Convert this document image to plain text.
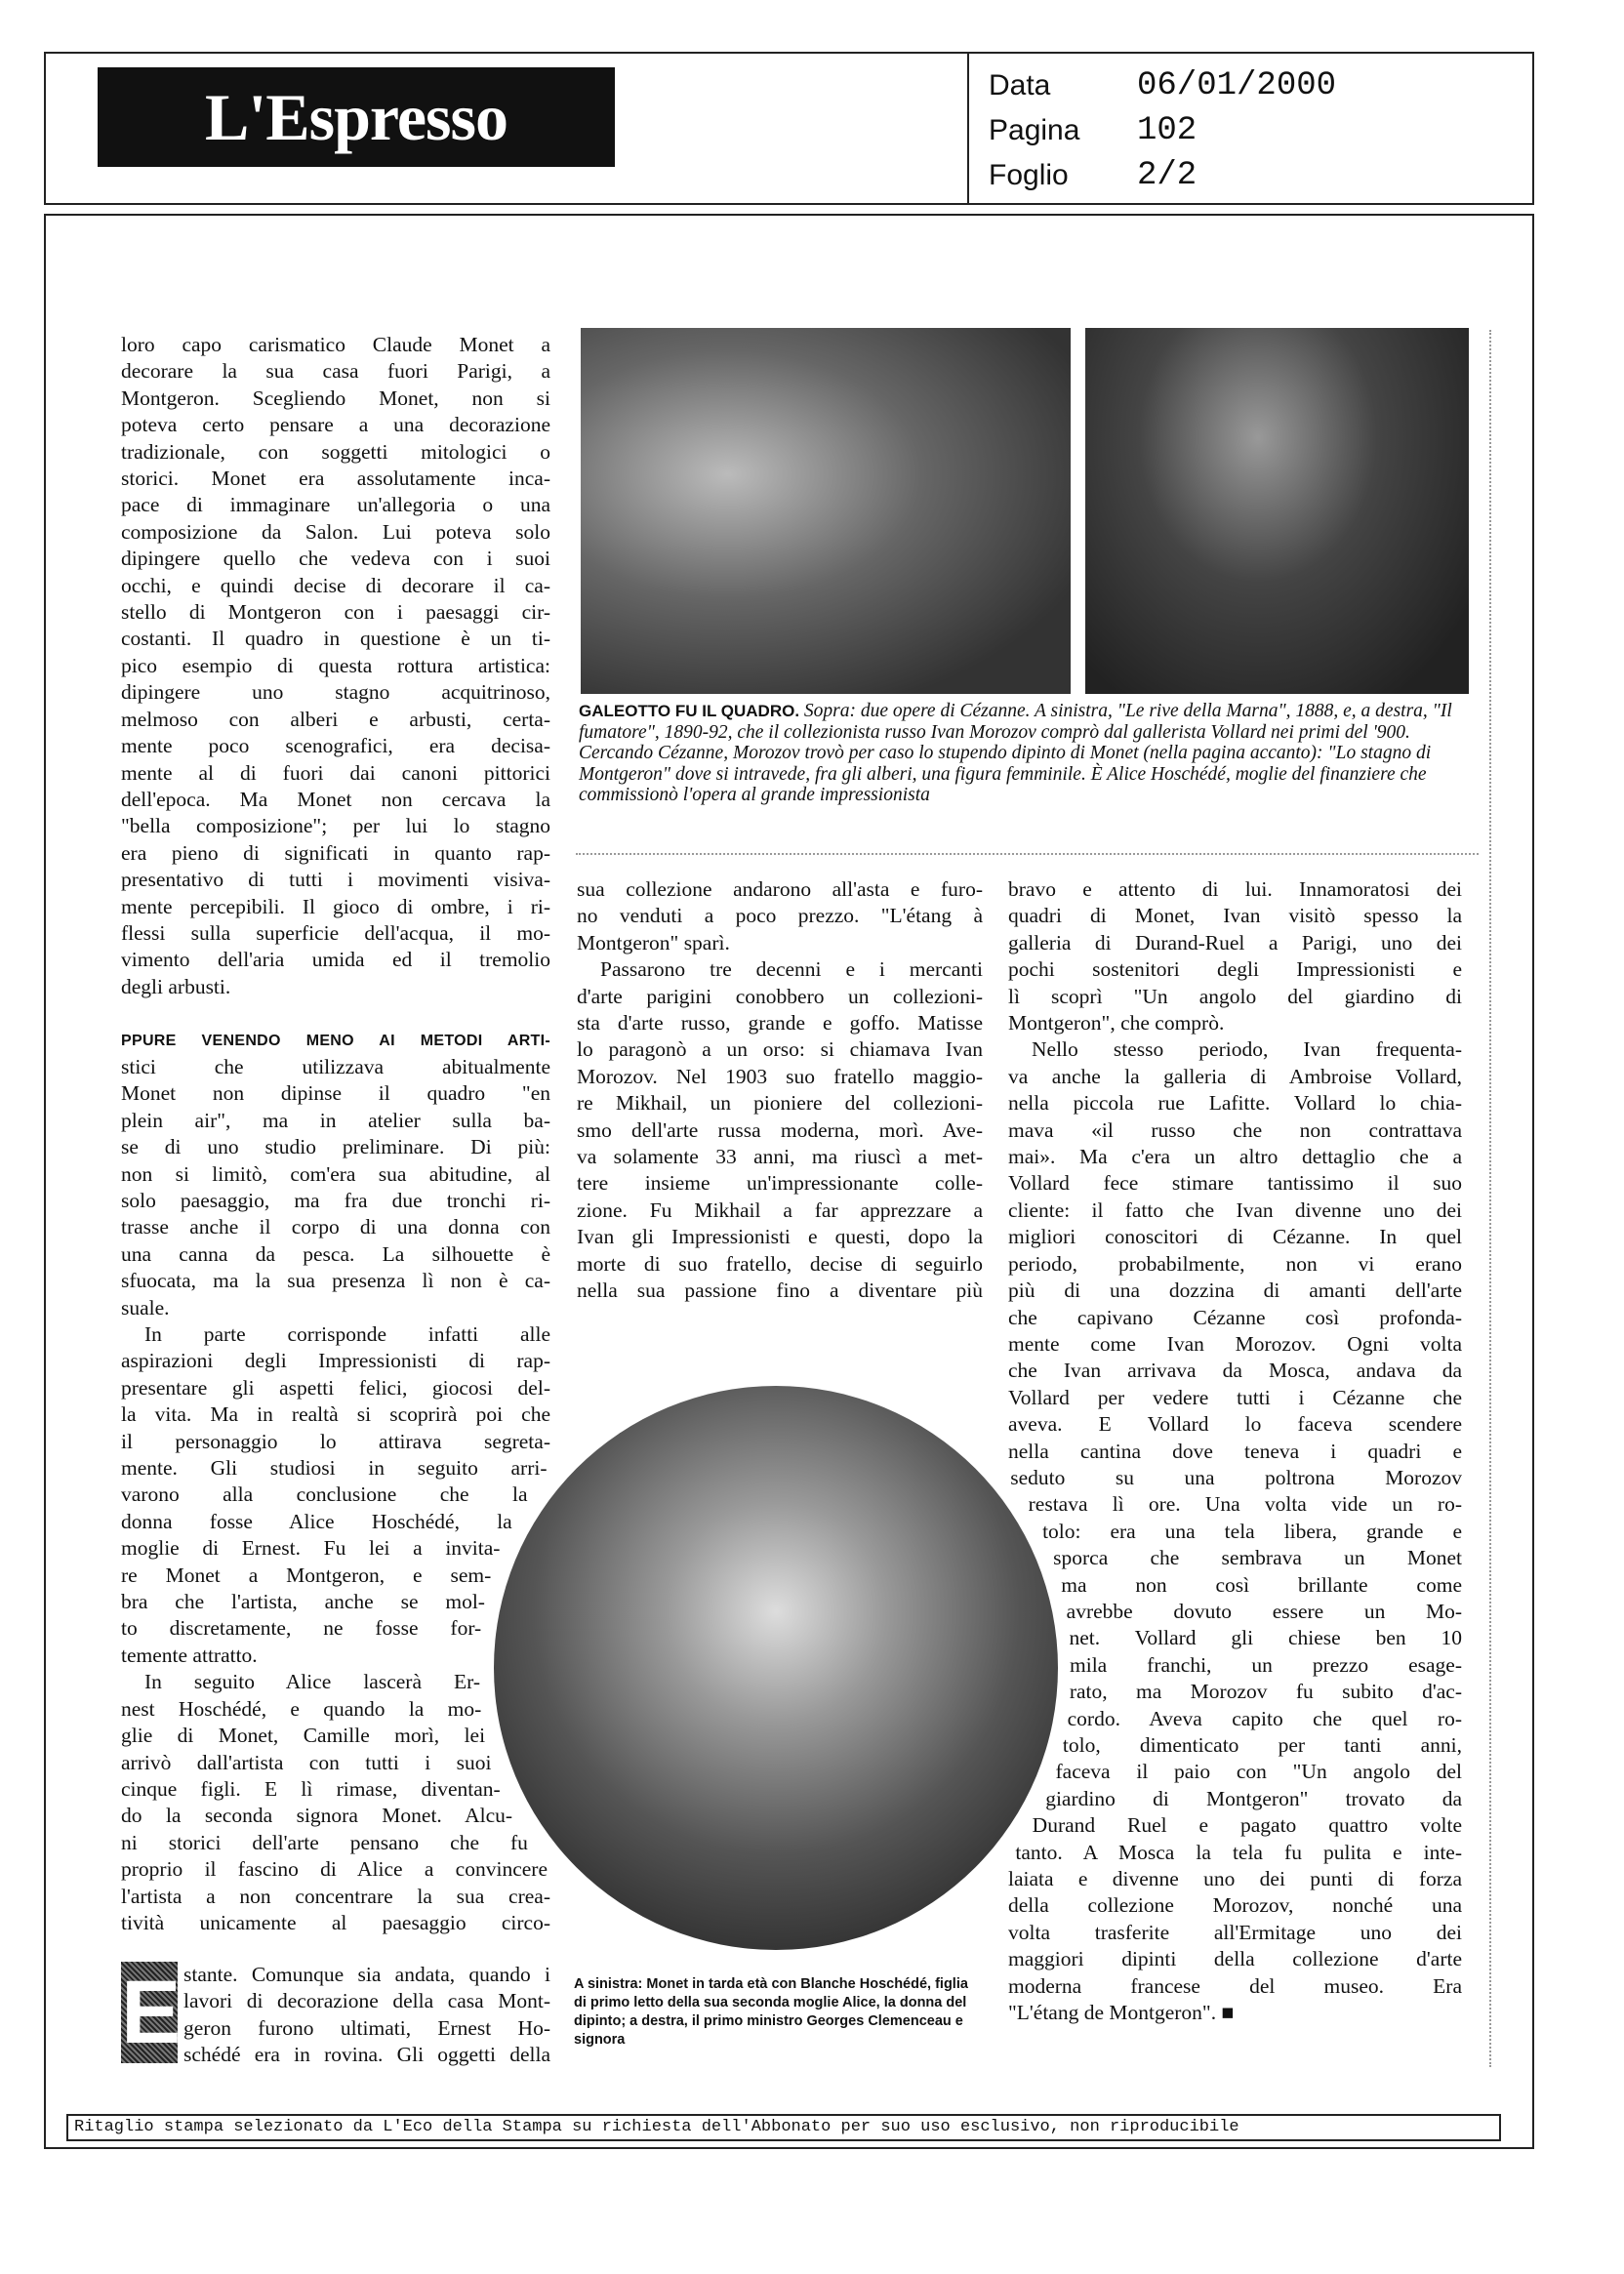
L'Espresso	Data	06/01/2000
Pagina	102
Foglio	2/2
GALEOTTO FU IL QUADRO. Sopra: due opere di Cézanne. A sinistra, "Le rive della Marna", 1888, e, a destra, "Il fumatore", 1890-92, che il collezionista russo Ivan Morozov comprò dal gallerista Vollard nei primi del '900. Cercando Cézanne, Morozov trovò per caso lo stupendo dipinto di Monet (nella pagina accanto): "Lo stagno di Montgeron" dove si intravede, fra gli alberi, una figura femminile. È Alice Hoschédé, moglie del finanziere che commissionò l'opera al grande impressionista
A sinistra: Monet in tarda età con Blanche Hoschédé, figlia di primo letto della sua seconda moglie Alice, la donna del dipinto; a destra, il primo ministro Georges Clemenceau e signora
loro capo carismatico Claude Monet a
decorare la sua casa fuori Parigi, a
Montgeron. Scegliendo Monet, non si
poteva certo pensare a una decorazione
tradizionale, con soggetti mitologici o
storici. Monet era assolutamente inca-
pace di immaginare un'allegoria o una
composizione da Salon. Lui poteva solo
dipingere quello che vedeva con i suoi
occhi, e quindi decise di decorare il ca-
stello di Montgeron con i paesaggi cir-
costanti. Il quadro in questione è un ti-
pico esempio di questa rottura artistica:
dipingere uno stagno acquitrinoso,
melmoso con alberi e arbusti, certa-
mente poco scenografici, era decisa-
mente al di fuori dai canoni pittorici
dell'epoca. Ma Monet non cercava la
"bella composizione"; per lui lo stagno
era pieno di significati in quanto rap-
presentativo di tutti i movimenti visiva-
mente percepibili. Il gioco di ombre, i ri-
flessi sulla superficie dell'acqua, il mo-
vimento dell'aria umida ed il tremolio
degli arbusti.
E
PPURE VENENDO MENO AI METODI ARTI-
stici che utilizzava abitualmente
Monet non dipinse il quadro "en
plein air", ma in atelier sulla ba-
se di uno studio preliminare. Di più:
non si limitò, com'era sua abitudine, al
solo paesaggio, ma fra due tronchi ri-
trasse anche il corpo di una donna con
una canna da pesca. La silhouette è
sfuocata, ma la sua presenza lì non è ca-
suale.
In parte corrisponde infatti alle
aspirazioni degli Impressionisti di rap-
presentare gli aspetti felici, giocosi del-
la vita. Ma in realtà si scoprirà poi che
il personaggio lo attirava segreta-
mente. Gli studiosi in seguito arri-
varono alla conclusione che la
donna fosse Alice Hoschédé, la
moglie di Ernest. Fu lei a invita-
re Monet a Montgeron, e sem-
bra che l'artista, anche se mol-
to discretamente, ne fosse for-
temente attratto.
In seguito Alice lascerà Er-
nest Hoschédé, e quando la mo-
glie di Monet, Camille morì, lei
arrivò dall'artista con tutti i suoi
cinque figli. E lì rimase, diventan-
do la seconda signora Monet. Alcu-
ni storici dell'arte pensano che fu
proprio il fascino di Alice a convincere
l'artista a non concentrare la sua crea-
tività unicamente al paesaggio circo-
stante. Comunque sia andata, quando i
lavori di decorazione della casa Mont-
geron furono ultimati, Ernest Ho-
schédé era in rovina. Gli oggetti della
sua collezione andarono all'asta e furo-
no venduti a poco prezzo. "L'étang à
Montgeron" sparì.
Passarono tre decenni e i mercanti
d'arte parigini conobbero un collezioni-
sta d'arte russo, grande e goffo. Matisse
lo paragonò a un orso: si chiamava Ivan
Morozov. Nel 1903 suo fratello maggio-
re Mikhail, un pioniere del collezioni-
smo dell'arte russa moderna, morì. Ave-
va solamente 33 anni, ma riuscì a met-
tere insieme un'impressionante colle-
zione. Fu Mikhail a far apprezzare a
Ivan gli Impressionisti e questi, dopo la
morte di suo fratello, decise di seguirlo
nella sua passione fino a diventare più
bravo e attento di lui. Innamoratosi dei
quadri di Monet, Ivan visitò spesso la
galleria di Durand-Ruel a Parigi, uno dei
pochi sostenitori degli Impressionisti e
lì scoprì "Un angolo del giardino di
Montgeron", che comprò.
Nello stesso periodo, Ivan frequenta-
va anche la galleria di Ambroise Vollard,
nella piccola rue Lafitte. Vollard lo chia-
mava «il russo che non contrattava
mai». Ma c'era un altro dettaglio che a
Vollard fece stimare tantissimo il suo
cliente: il fatto che Ivan divenne uno dei
migliori conoscitori di Cézanne. In quel
periodo, probabilmente, non vi erano
più di una dozzina di amanti dell'arte
che capivano Cézanne così profonda-
mente come Ivan Morozov. Ogni volta
che Ivan arrivava da Mosca, andava da
Vollard per vedere tutti i Cézanne che
aveva. E Vollard lo faceva scendere
nella cantina dove teneva i quadri e
seduto su una poltrona Morozov
restava lì ore. Una volta vide un ro-
tolo: era una tela libera, grande e
sporca che sembrava un Monet
ma non così brillante come
avrebbe dovuto essere un Mo-
net. Vollard gli chiese ben 10
mila franchi, un prezzo esage-
rato, ma Morozov fu subito d'ac-
cordo. Aveva capito che quel ro-
tolo, dimenticato per tanti anni,
faceva il paio con "Un angolo del
giardino di Montgeron" trovato da
Durand Ruel e pagato quattro volte
tanto. A Mosca la tela fu pulita e inte-
laiata e divenne uno dei punti di forza
della collezione Morozov, nonché una
volta trasferite all'Ermitage uno dei
maggiori dipinti della collezione d'arte
moderna francese del museo. Era
"L'étang de Montgeron". ■
Ritaglio stampa selezionato da L'Eco della Stampa su richiesta dell'Abbonato per suo uso esclusivo, non riproducibile
